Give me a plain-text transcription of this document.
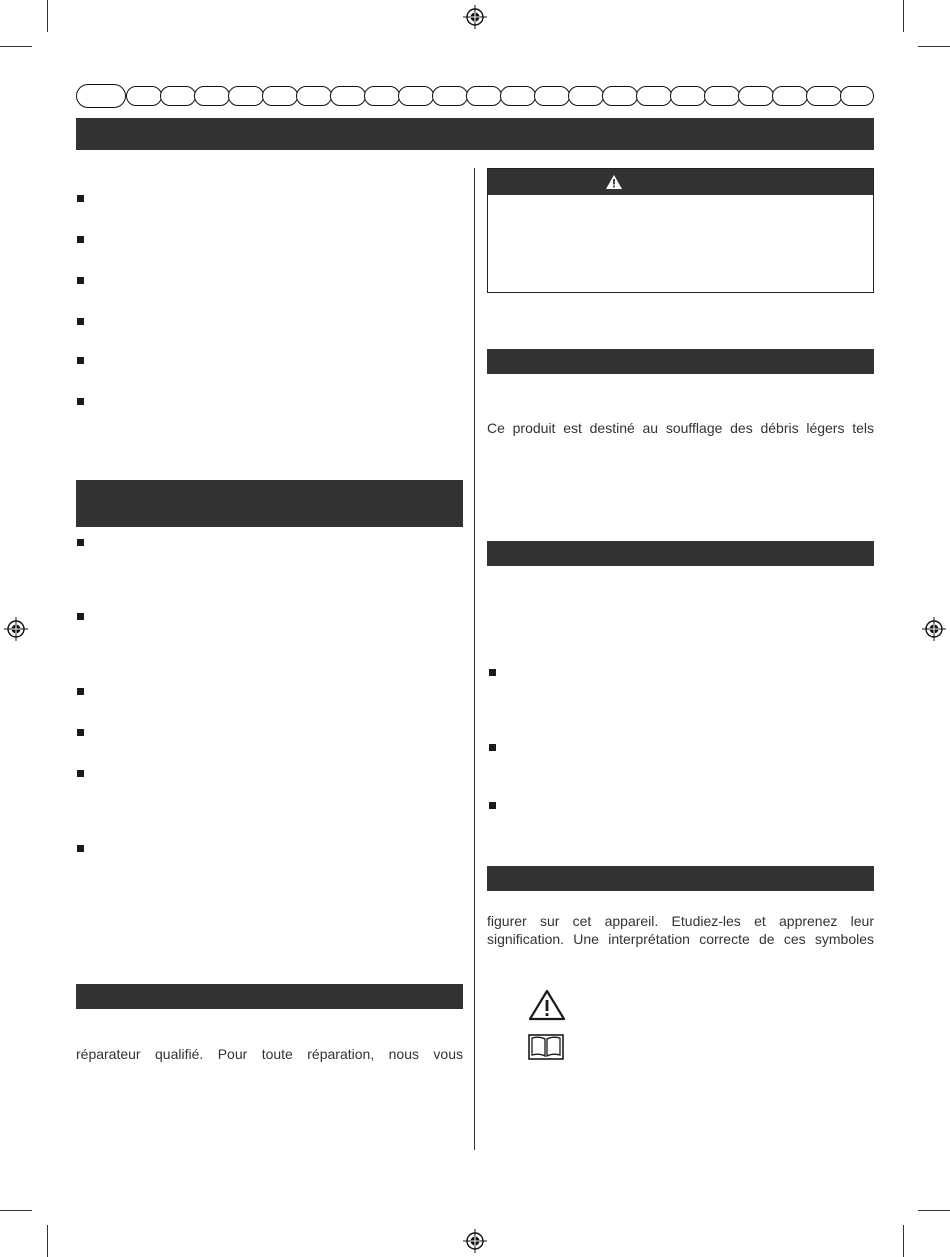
réparateur qualifié. Pour toute réparation, nous vous
Ce produit est destiné au soufflage des débris légers tels
figurer sur cet appareil. Etudiez-les et apprenez leur
signification. Une interprétation correcte de ces symboles
